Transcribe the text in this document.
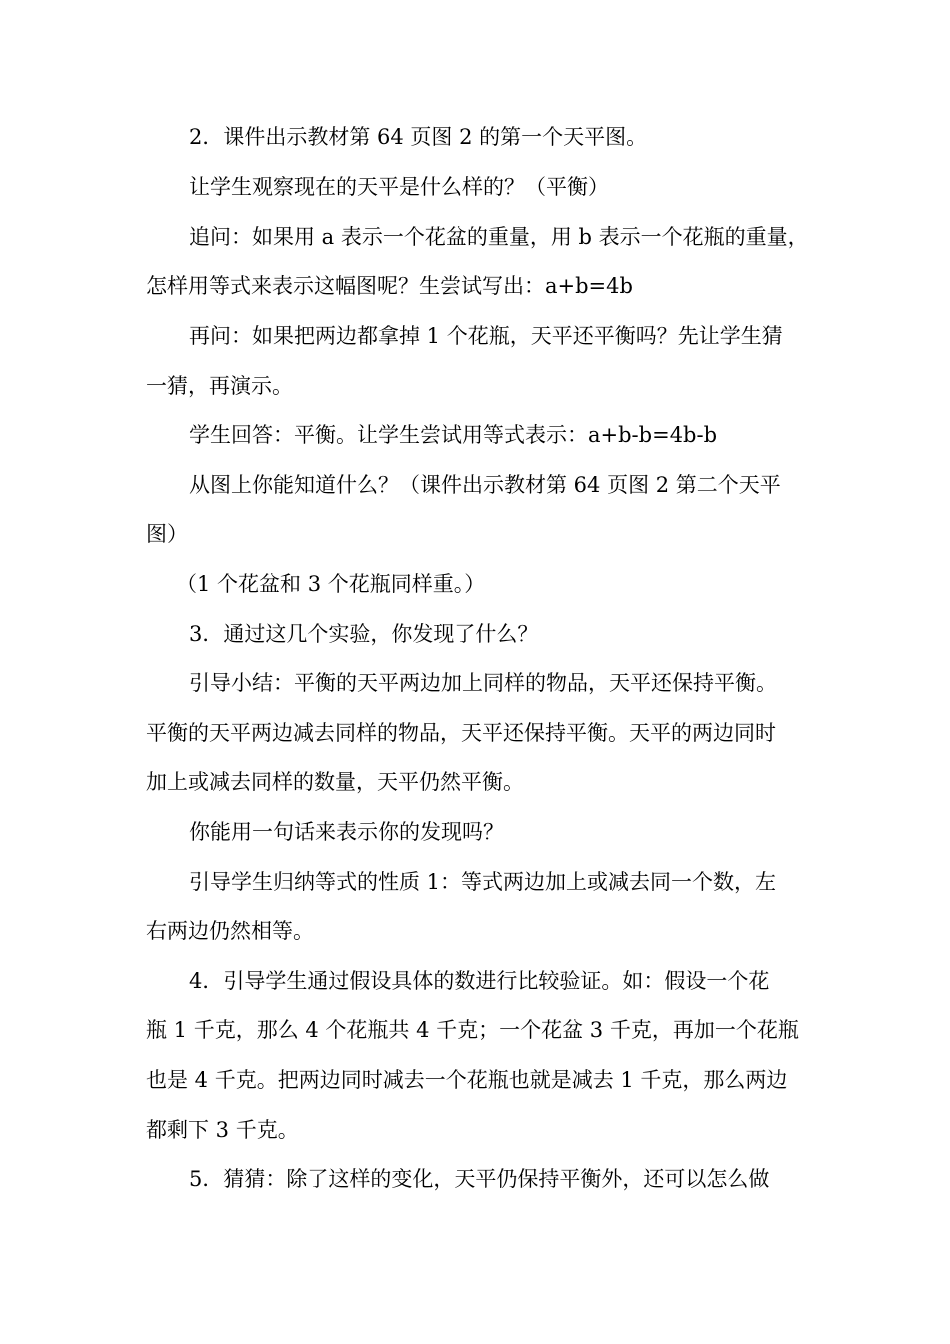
2．课件出示教材第 64 页图 2 的第一个天平图。
让学生观察现在的天平是什么样的？（平衡）
追问：如果用 a 表示一个花盆的重量，用 b 表示一个花瓶的重量，
怎样用等式来表示这幅图呢？生尝试写出：a+b=4b
再问：如果把两边都拿掉 1 个花瓶，天平还平衡吗？先让学生猜
一猜，再演示。
学生回答：平衡。让学生尝试用等式表示：a+b-b=4b-b
从图上你能知道什么？（课件出示教材第 64 页图 2 第二个天平
图）
（1 个花盆和 3 个花瓶同样重。）
3．通过这几个实验，你发现了什么？
引导小结：平衡的天平两边加上同样的物品，天平还保持平衡。
平衡的天平两边减去同样的物品，天平还保持平衡。天平的两边同时
加上或减去同样的数量，天平仍然平衡。
你能用一句话来表示你的发现吗？
引导学生归纳等式的性质 1：等式两边加上或减去同一个数，左
右两边仍然相等。
4．引导学生通过假设具体的数进行比较验证。如：假设一个花
瓶 1 千克，那么 4 个花瓶共 4 千克；一个花盆 3 千克，再加一个花瓶
也是 4 千克。把两边同时减去一个花瓶也就是减去 1 千克，那么两边
都剩下 3 千克。
5．猜猜：除了这样的变化，天平仍保持平衡外，还可以怎么做
